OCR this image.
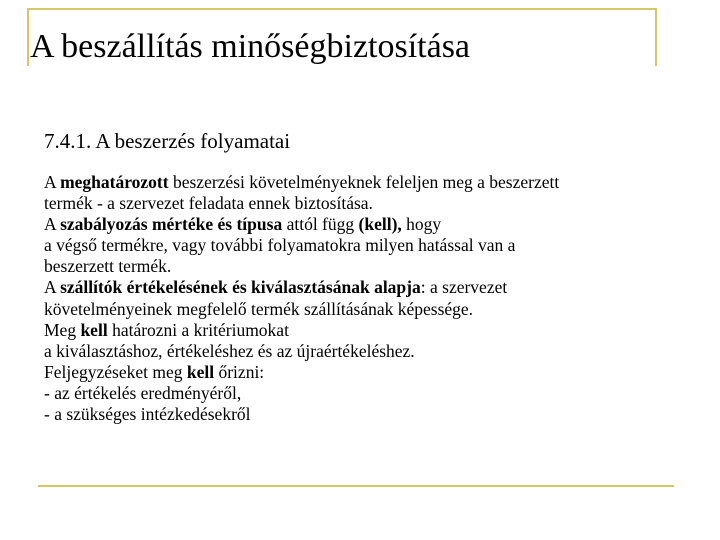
A beszállítás minőségbiztosítása
7.4.1. A beszerzés folyamatai

A meghatározott beszerzési követelményeknek feleljen meg a beszerzett
termék - a szervezet feladata ennek biztosítása.

A szabályozás mértéke és típusa attól függ (kell), hogy
a végső termékre, vagy további folyamatokra milyen hatással van a
beszerzett termék.

A szállítók értékelésének és kiválasztásának alapja: a szervezet
követelményeinek megfelelő termék szállításának képessége.

Meg kell határozni a kritériumokat
a kiválasztáshoz, értékeléshez és az újraértékeléshez.

Feljegyzéseket meg kell őrizni:
- az értékelés eredményéről,
- a szükséges intézkedésekről
